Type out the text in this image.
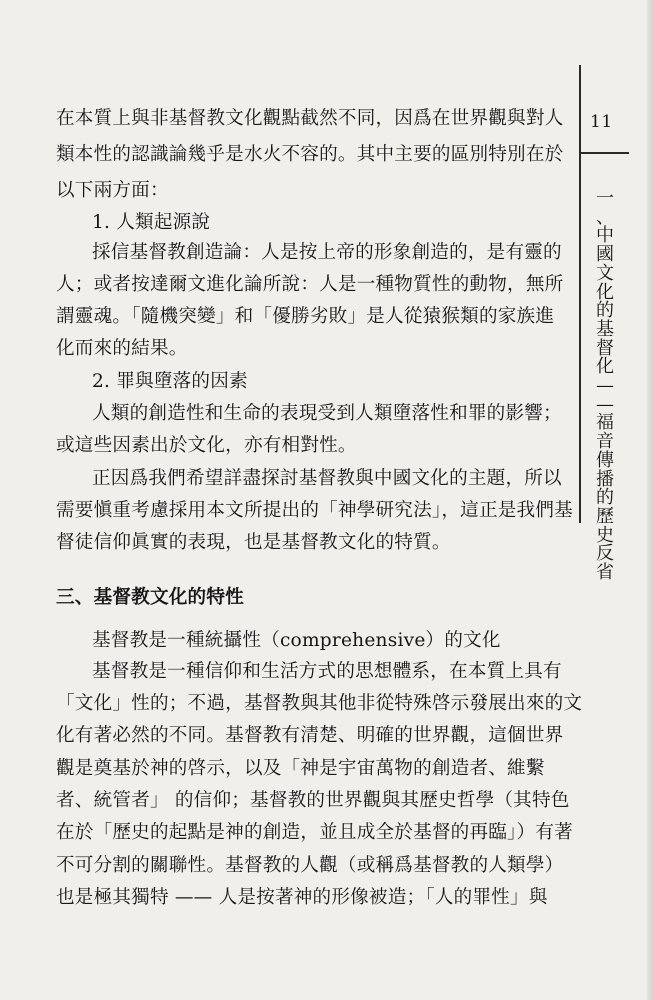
11
一
、
中
國
文
化
的
基
督
化
—
—
福
音
傳
播
的
歷
史
反
省
在本質上與非基督教文化觀點截然不同，因爲在世界觀與對人
類本性的認識論幾乎是水火不容的。其中主要的區別特別在於
以下兩方面：
1. 人類起源說
採信基督教創造論：人是按上帝的形象創造的，是有靈的
人；或者按達爾文進化論所說：人是一種物質性的動物，無所
謂靈魂。「隨機突變」和「優勝劣敗」是人從猿猴類的家族進
化而來的結果。
2. 罪與墮落的因素
人類的創造性和生命的表現受到人類墮落性和罪的影響；
或這些因素出於文化，亦有相對性。
正因爲我們希望詳盡探討基督教與中國文化的主題，所以
需要愼重考慮採用本文所提出的「神學研究法」，這正是我們基
督徒信仰眞實的表現，也是基督教文化的特質。
三、基督教文化的特性
基督教是一種統攝性（comprehensive）的文化
基督教是一種信仰和生活方式的思想體系，在本質上具有
「文化」性的；不過，基督教與其他非從特殊啓示發展出來的文
化有著必然的不同。基督教有清楚、明確的世界觀，這個世界
觀是奠基於神的啓示，以及「神是宇宙萬物的創造者、維繫
者、統管者」 的信仰；基督教的世界觀與其歷史哲學（其特色
在於「歷史的起點是神的創造，並且成全於基督的再臨」）有著
不可分割的關聯性。基督教的人觀（或稱爲基督教的人類學）
也是極其獨特 —— 人是按著神的形像被造；「人的罪性」與
